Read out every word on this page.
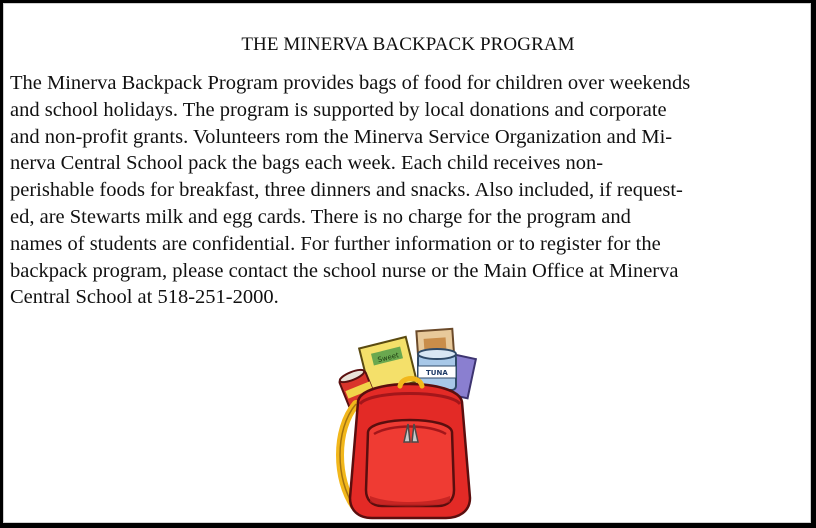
THE MINERVA BACKPACK PROGRAM
The Minerva Backpack Program provides bags of food for children over weekends
and school holidays. The program is supported by local donations and corporate
and non-profit grants. Volunteers rom the Minerva Service Organization and Mi-
nerva Central School pack the bags each week. Each child receives non-
perishable foods for breakfast, three dinners and snacks. Also included, if request-
ed, are Stewarts milk and egg cards. There is no charge for the program and
names of students are confidential. For further information or to register for the
backpack program, please contact the school nurse or the Main Office at Minerva
Central School at 518-251-2000.
Sweet
TUNA
